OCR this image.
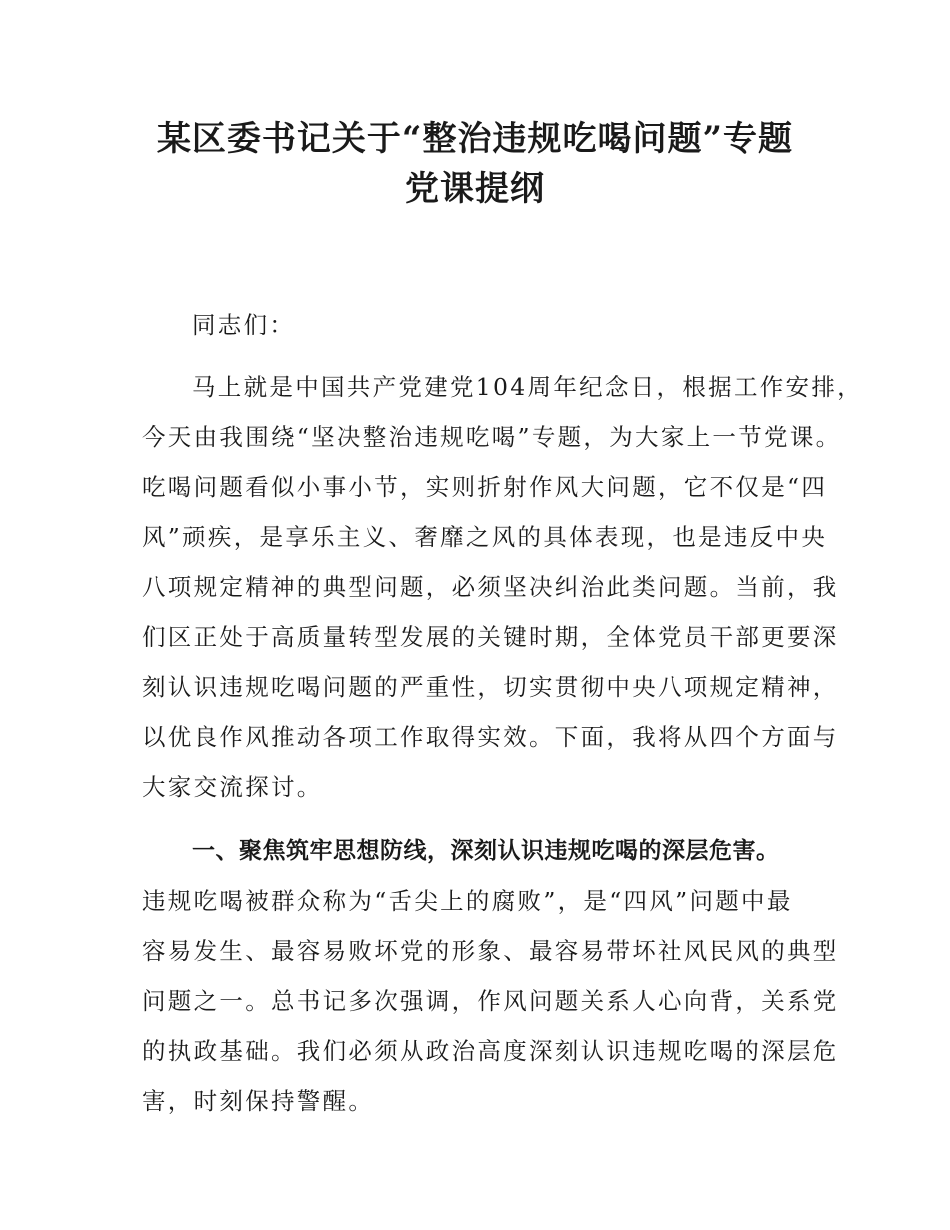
某区委书记关于“整治违规吃喝问题”专题
党课提纲

同志们：

马上就是中国共产党建党104周年纪念日，根据工作安排，

今天由我围绕“坚决整治违规吃喝”专题，为大家上一节党课。

吃喝问题看似小事小节，实则折射作风大问题，它不仅是“四

风”顽疾，是享乐主义、奢靡之风的具体表现，也是违反中央

八项规定精神的典型问题，必须坚决纠治此类问题。当前，我

们区正处于高质量转型发展的关键时期，全体党员干部更要深

刻认识违规吃喝问题的严重性，切实贯彻中央八项规定精神，

以优良作风推动各项工作取得实效。下面，我将从四个方面与

大家交流探讨。

一、聚焦筑牢思想防线，深刻认识违规吃喝的深层危害。

违规吃喝被群众称为“舌尖上的腐败”，是“四风”问题中最

容易发生、最容易败坏党的形象、最容易带坏社风民风的典型

问题之一。总书记多次强调，作风问题关系人心向背，关系党

的执政基础。我们必须从政治高度深刻认识违规吃喝的深层危

害，时刻保持警醒。
